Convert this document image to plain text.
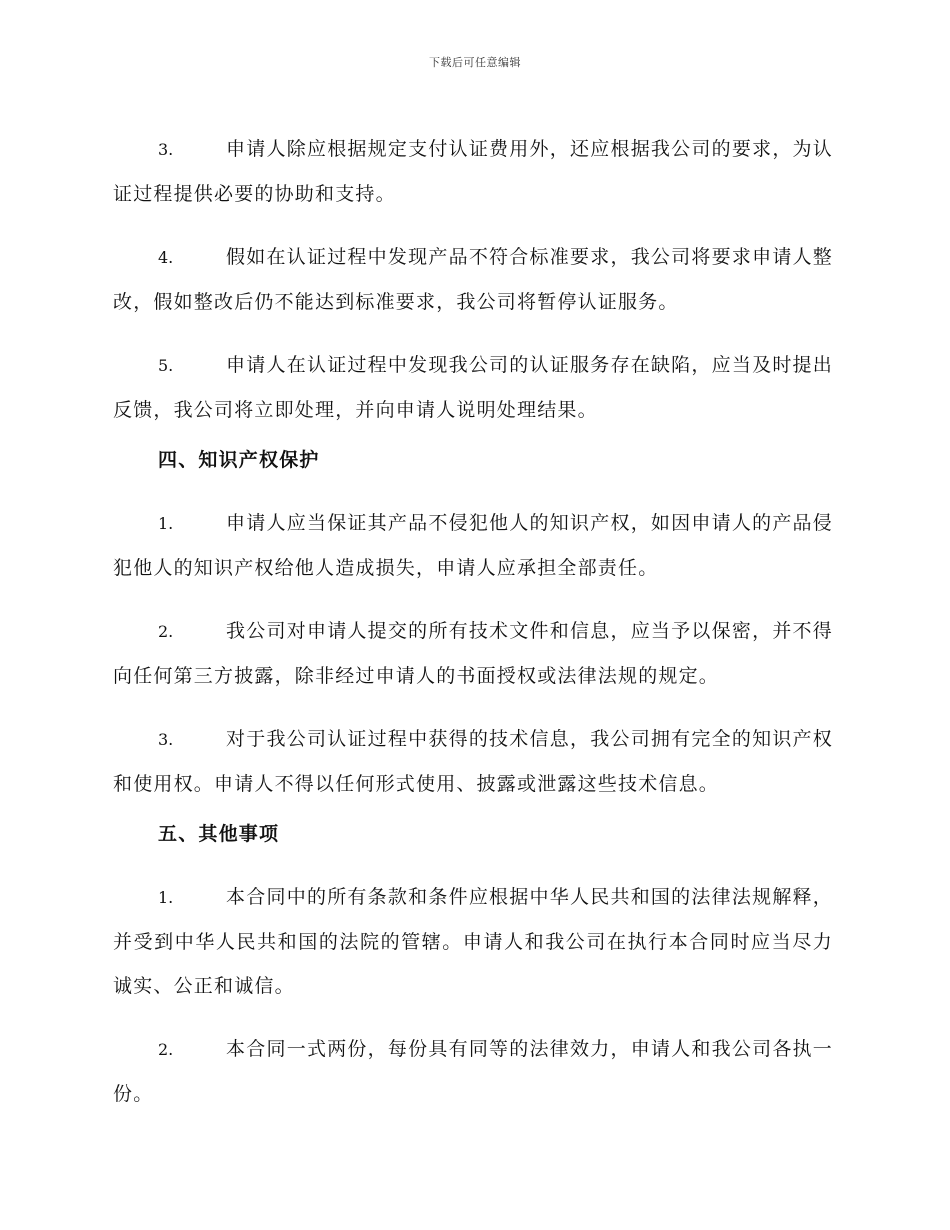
下载后可任意编辑

3.	申请人除应根据规定支付认证费用外，还应根据我公司的要求，为认证过程提供必要的协助和支持。

4.	假如在认证过程中发现产品不符合标准要求，我公司将要求申请人整改，假如整改后仍不能达到标准要求，我公司将暂停认证服务。

5.	申请人在认证过程中发现我公司的认证服务存在缺陷，应当及时提出反馈，我公司将立即处理，并向申请人说明处理结果。

四、知识产权保护

1.	申请人应当保证其产品不侵犯他人的知识产权，如因申请人的产品侵犯他人的知识产权给他人造成损失，申请人应承担全部责任。

2.	我公司对申请人提交的所有技术文件和信息，应当予以保密，并不得向任何第三方披露，除非经过申请人的书面授权或法律法规的规定。

3.	对于我公司认证过程中获得的技术信息，我公司拥有完全的知识产权和使用权。申请人不得以任何形式使用、披露或泄露这些技术信息。

五、其他事项

1.	本合同中的所有条款和条件应根据中华人民共和国的法律法规解释，并受到中华人民共和国的法院的管辖。申请人和我公司在执行本合同时应当尽力诚实、公正和诚信。

2.	本合同一式两份，每份具有同等的法律效力，申请人和我公司各执一份。
